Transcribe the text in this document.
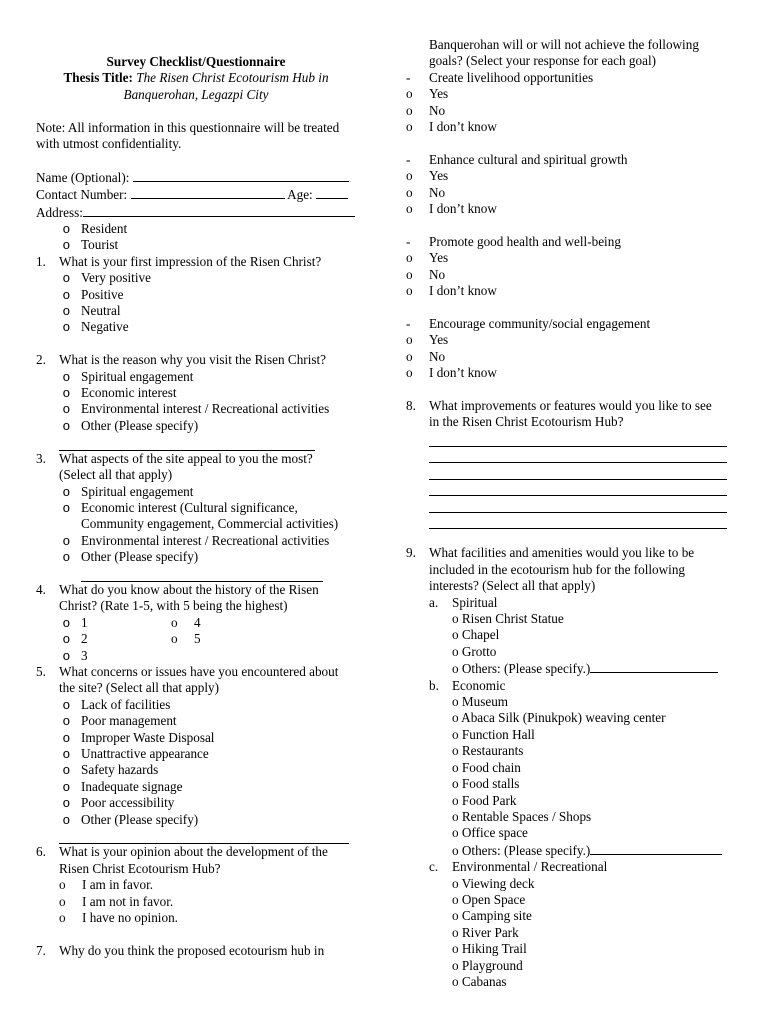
Survey Checklist/Questionnaire
Thesis Title: The Risen Christ Ecotourism Hub in
Banquerohan, Legazpi City
Note: All information in this questionnaire will be treated
with utmost confidentiality.
Name (Optional):
Contact Number:	Age:
Address:
o Resident
o Tourist
1. What is your first impression of the Risen Christ?
o Very positive
o Positive
o Neutral
o Negative
2. What is the reason why you visit the Risen Christ?
o Spiritual engagement
o Economic interest
o Environmental interest / Recreational activities
o Other (Please specify)
3. What aspects of the site appeal to you the most?
(Select all that apply)
o Spiritual engagement
o Economic interest (Cultural significance,
Community engagement, Commercial activities)
o Environmental interest / Recreational activities
o Other (Please specify)
4. What do you know about the history of the Risen
Christ? (Rate 1-5, with 5 being the highest)
o 1	o	4
o 2	o	5
o 3
5. What concerns or issues have you encountered about
the site? (Select all that apply)
o Lack of facilities
o Poor management
o Improper Waste Disposal
o Unattractive appearance
o Safety hazards
o Inadequate signage
o Poor accessibility
o Other (Please specify)
6. What is your opinion about the development of the
Risen Christ Ecotourism Hub?
o	I am in favor.
o	I am not in favor.
o	I have no opinion.
7. Why do you think the proposed ecotourism hub in
Banquerohan will or will not achieve the following
goals? (Select your response for each goal)
-	Create livelihood opportunities
o	Yes
o	No
o	I don’t know
-	Enhance cultural and spiritual growth
o	Yes
o	No
o	I don’t know
-	Promote good health and well-being
o	Yes
o	No
o	I don’t know
-	Encourage community/social engagement
o	Yes
o	No
o	I don’t know
8. What improvements or features would you like to see
in the Risen Christ Ecotourism Hub?
9. What facilities and amenities would you like to be
included in the ecotourism hub for the following
interests? (Select all that apply)
a.	Spiritual
o Risen Christ Statue
o Chapel
o Grotto
o Others: (Please specify.)
b. Economic
o Museum
o Abaca Silk (Pinukpok) weaving center
o Function Hall
o Restaurants
o Food chain
o Food stalls
o Food Park
o Rentable Spaces / Shops
o Office space
o Others: (Please specify.)
c.	Environmental / Recreational
o Viewing deck
o Open Space
o Camping site
o River Park
o Hiking Trail
o Playground
o Cabanas
